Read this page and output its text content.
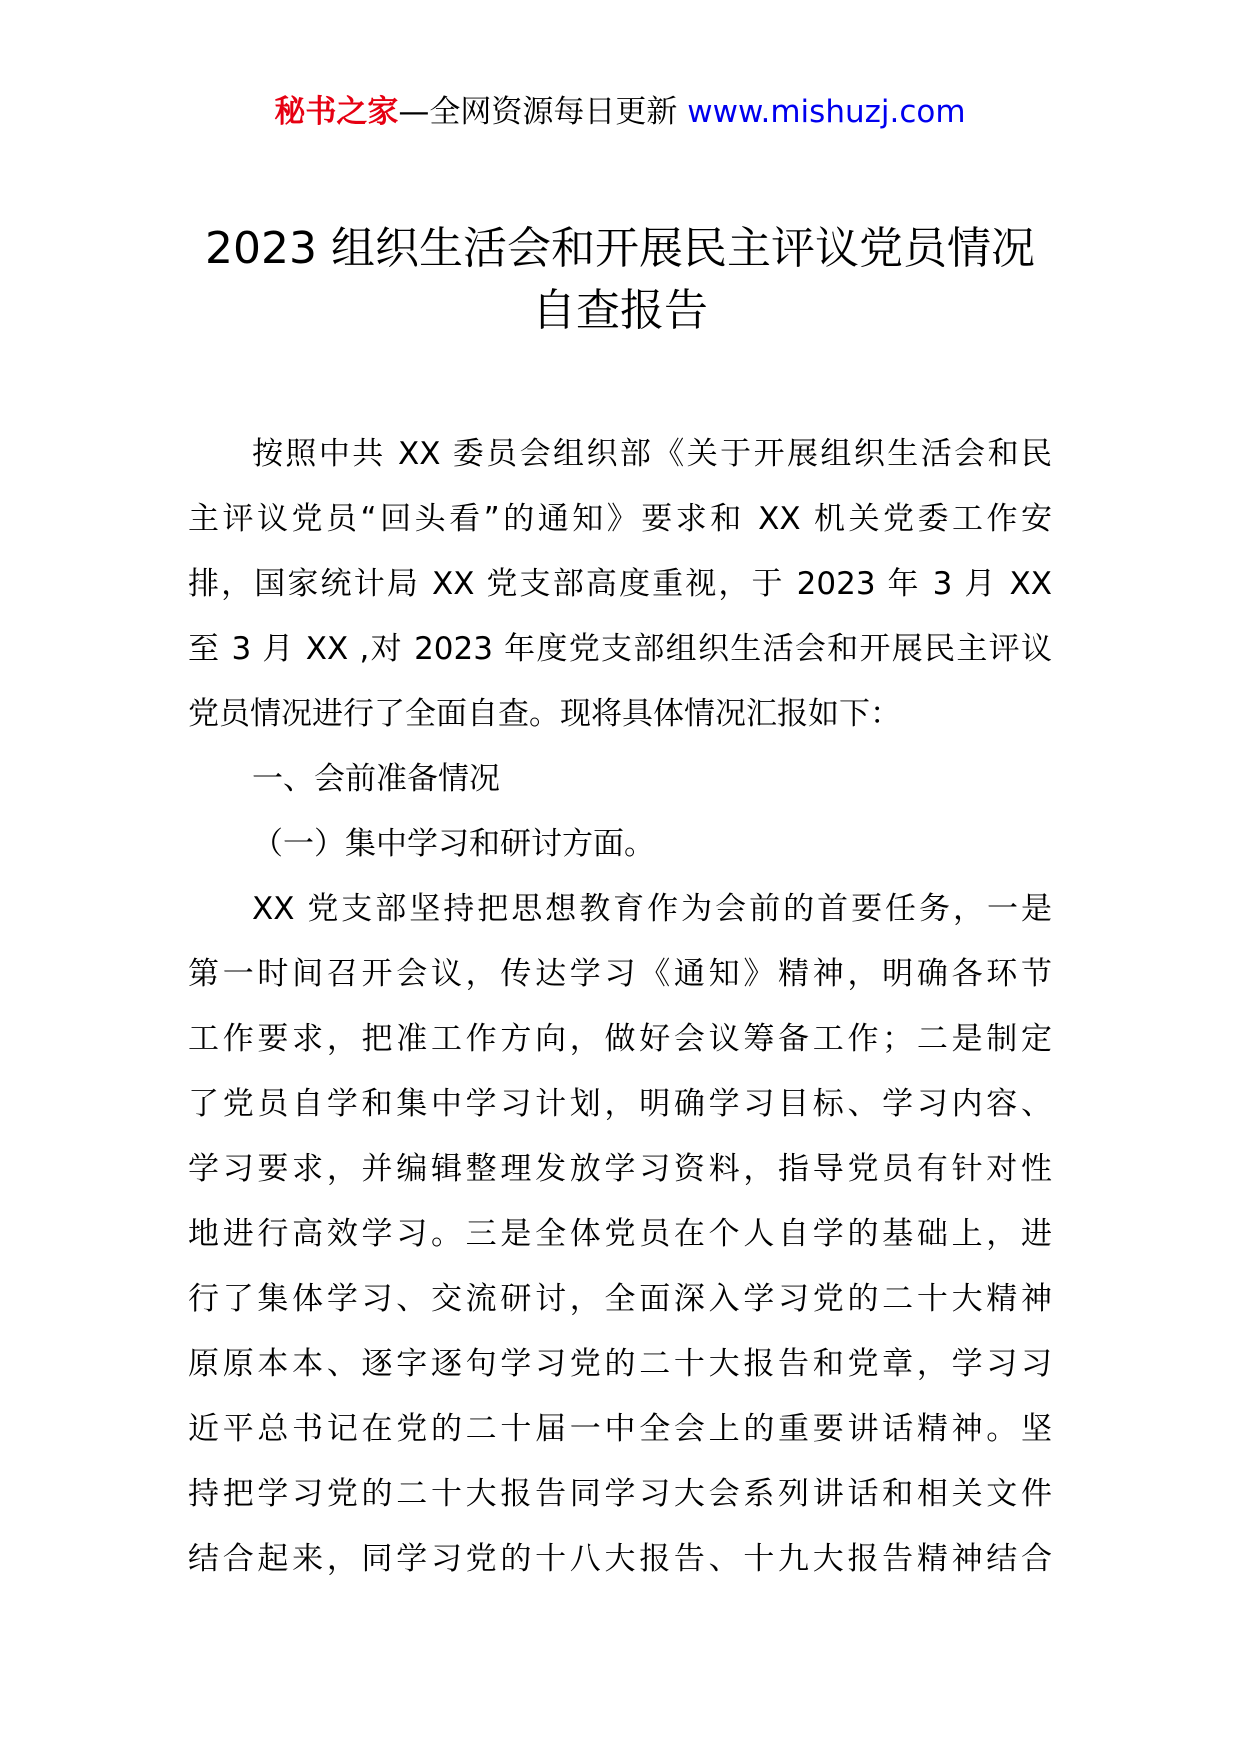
秘书之家—全网资源每日更新 www.mishuzj.com
2023 组织生活会和开展民主评议党员情况
自查报告
按照中共 XX 委员会组织部《关于开展组织生活会和民
主评议党员“回头看”的通知》要求和 XX 机关党委工作安
排，国家统计局 XX 党支部高度重视，于 2023 年 3 月 XX
至 3 月 XX ,对 2023 年度党支部组织生活会和开展民主评议
党员情况进行了全面自查。现将具体情况汇报如下：
一、会前准备情况
（一）集中学习和研讨方面。
XX 党支部坚持把思想教育作为会前的首要任务，一是
第一时间召开会议，传达学习《通知》精神，明确各环节
工作要求，把准工作方向，做好会议筹备工作；二是制定
了党员自学和集中学习计划，明确学习目标、学习内容、
学习要求，并编辑整理发放学习资料，指导党员有针对性
地进行高效学习。三是全体党员在个人自学的基础上，进
行了集体学习、交流研讨，全面深入学习党的二十大精神
原原本本、逐字逐句学习党的二十大报告和党章，学习习
近平总书记在党的二十届一中全会上的重要讲话精神。坚
持把学习党的二十大报告同学习大会系列讲话和相关文件
结合起来，同学习党的十八大报告、十九大报告精神结合
